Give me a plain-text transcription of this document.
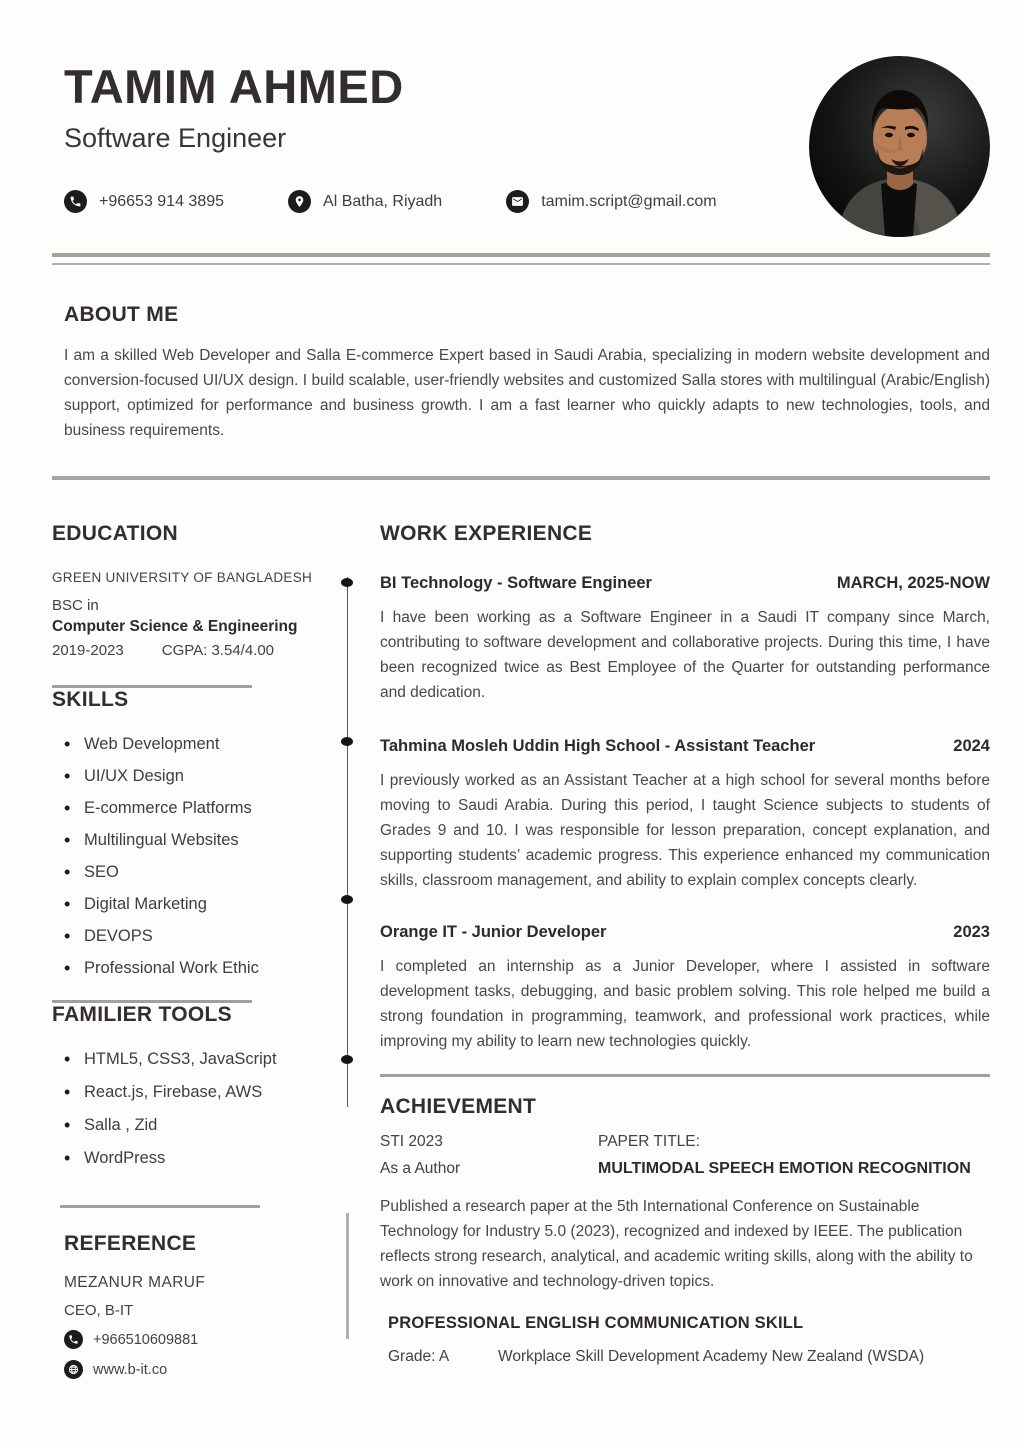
TAMIM AHMED
Software Engineer
+96653 914 3895	Al Batha, Riyadh	tamim.script@gmail.com
ABOUT ME

I am a skilled Web Developer and Salla E-commerce Expert based in Saudi Arabia, specializing in modern website development and conversion-focused UI/UX design. I build scalable, user-friendly websites and customized Salla stores with multilingual (Arabic/English) support, optimized for performance and business growth. I am a fast learner who quickly adapts to new technologies, tools, and business requirements.

EDUCATION
GREEN UNIVERSITY OF BANGLADESH
BSC in
Computer Science & Engineering
2019-2023	CGPA: 3.54/4.00
SKILLS
• Web Development
• UI/UX Design
• E-commerce Platforms
• Multilingual Websites
• SEO
• Digital Marketing
• DEVOPS
• Professional Work Ethic
FAMILIER TOOLS
• HTML5, CSS3, JavaScript
• React.js, Firebase, AWS
• Salla , Zid
• WordPress
REFERENCE
MEZANUR MARUF
CEO, B-IT
+966510609881
www.b-it.co
WORK EXPERIENCE
BI Technology - Software Engineer	MARCH, 2025-NOW

I have been working as a Software Engineer in a Saudi IT company since March, contributing to software development and collaborative projects. During this time, I have been recognized twice as Best Employee of the Quarter for outstanding performance and dedication.

Tahmina Mosleh Uddin High School - Assistant Teacher	2024

I previously worked as an Assistant Teacher at a high school for several months before moving to Saudi Arabia. During this period, I taught Science subjects to students of Grades 9 and 10. I was responsible for lesson preparation, concept explanation, and supporting students’ academic progress. This experience enhanced my communication skills, classroom management, and ability to explain complex concepts clearly.

Orange IT - Junior Developer	2023

I completed an internship as a Junior Developer, where I assisted in software development tasks, debugging, and basic problem solving. This role helped me build a strong foundation in programming, teamwork, and professional work practices, while improving my ability to learn new technologies quickly.

ACHIEVEMENT
STI 2023	PAPER TITLE:
As a Author	MULTIMODAL SPEECH EMOTION RECOGNITION

Published a research paper at the 5th International Conference on Sustainable Technology for Industry 5.0 (2023), recognized and indexed by IEEE. The publication reflects strong research, analytical, and academic writing skills, along with the ability to work on innovative and technology-driven topics.

PROFESSIONAL ENGLISH COMMUNICATION SKILL
Grade: A	Workplace Skill Development Academy New Zealand (WSDA)
